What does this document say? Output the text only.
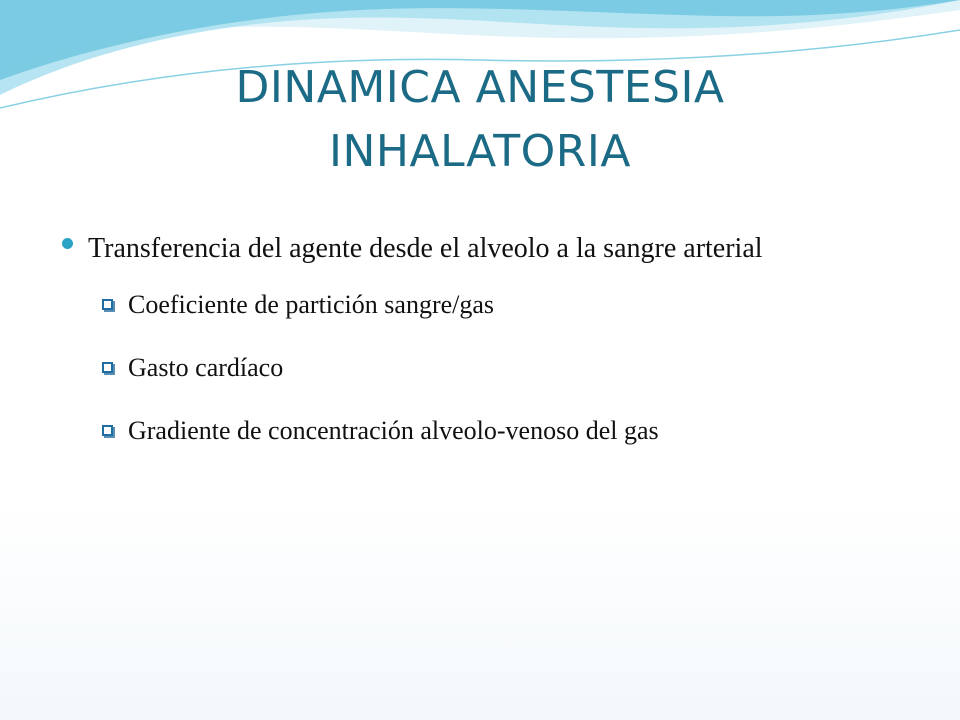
DINAMICA ANESTESIA
INHALATORIA
Transferencia del agente desde el alveolo a la sangre arterial
Coeficiente de partición sangre/gas
Gasto cardíaco
Gradiente de concentración alveolo-venoso del gas
